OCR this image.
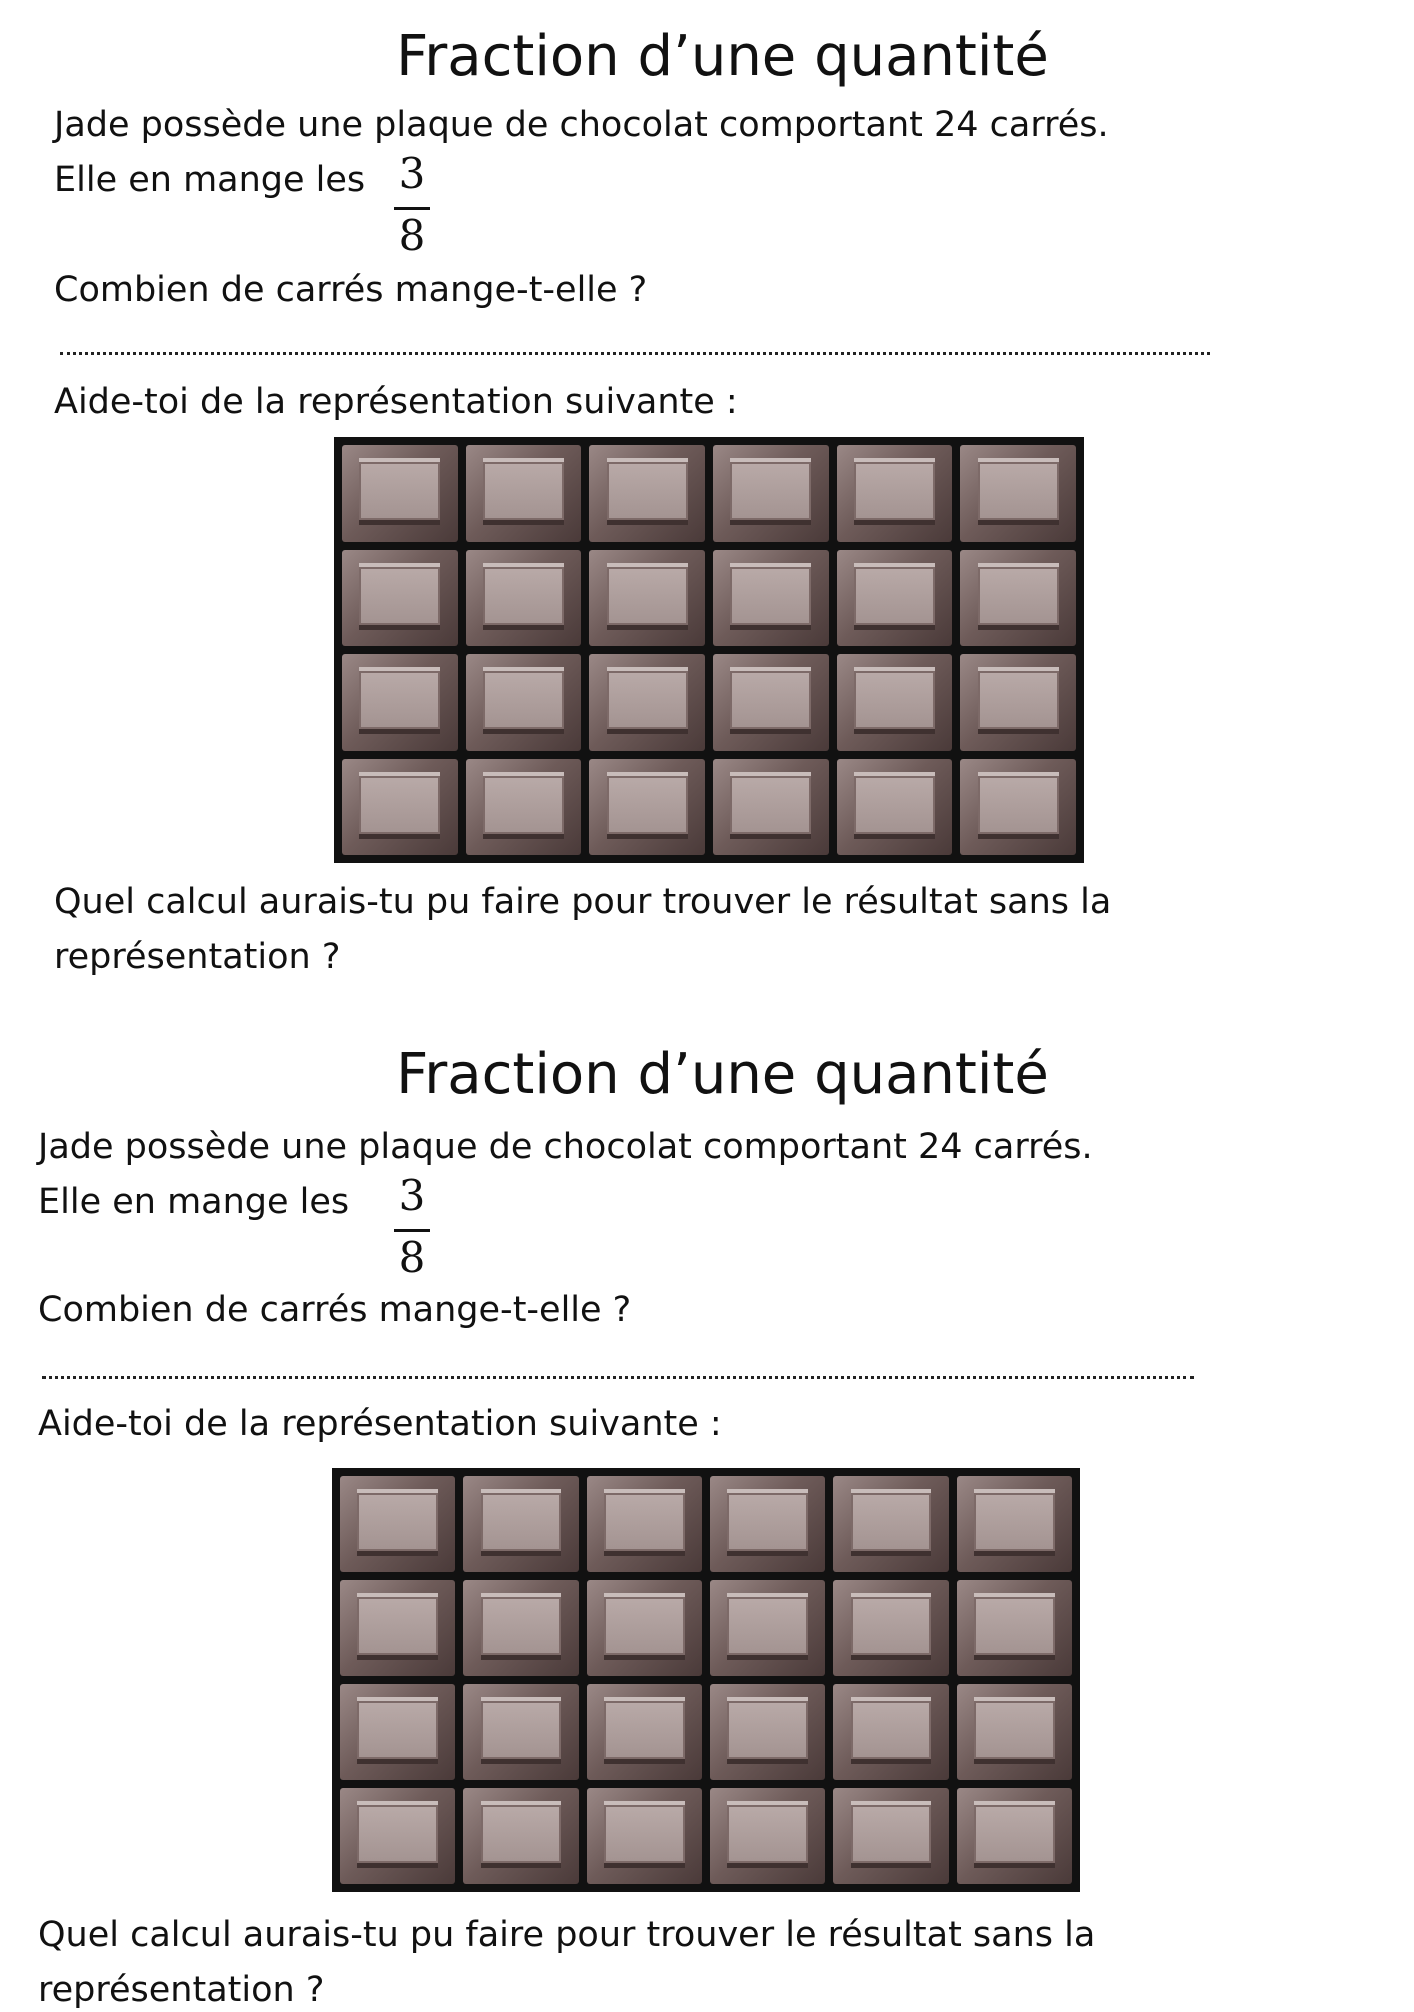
Fraction d’une quantité

Jade possède une plaque de chocolat comportant 24 carrés.

Elle en mange les 3
8

Combien de carrés mange-t-elle ?

Aide-toi de la représentation suivante :

Quel calcul aurais-tu pu faire pour trouver le résultat sans la

représentation ?

Fraction d’une quantité

Jade possède une plaque de chocolat comportant 24 carrés.

Elle en mange les 3
8

Combien de carrés mange-t-elle ?

Aide-toi de la représentation suivante :

Quel calcul aurais-tu pu faire pour trouver le résultat sans la

représentation ?
